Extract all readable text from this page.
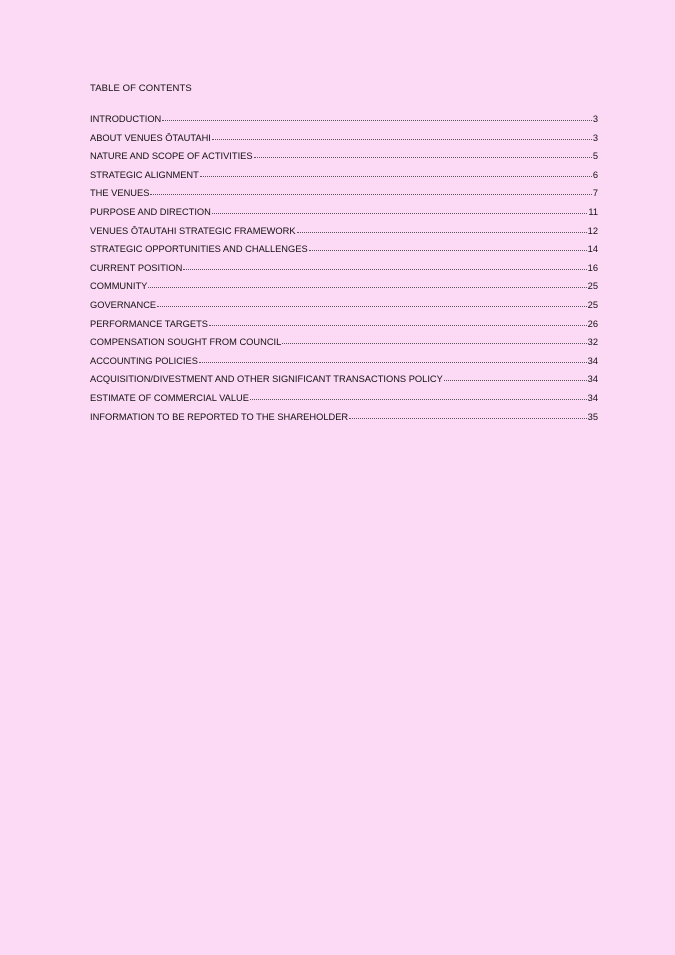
TABLE OF CONTENTS
INTRODUCTION	3
ABOUT VENUES ŌTAUTAHI	3
NATURE AND SCOPE OF ACTIVITIES	5
STRATEGIC ALIGNMENT	6
THE VENUES	7
PURPOSE AND DIRECTION	11
VENUES ŌTAUTAHI STRATEGIC FRAMEWORK	12
STRATEGIC OPPORTUNITIES AND CHALLENGES	14
CURRENT POSITION	16
COMMUNITY	25
GOVERNANCE	25
PERFORMANCE TARGETS	26
COMPENSATION SOUGHT FROM COUNCIL	32
ACCOUNTING POLICIES	34
ACQUISITION/DIVESTMENT AND OTHER SIGNIFICANT TRANSACTIONS POLICY	34
ESTIMATE OF COMMERCIAL VALUE	34
INFORMATION TO BE REPORTED TO THE SHAREHOLDER	35
